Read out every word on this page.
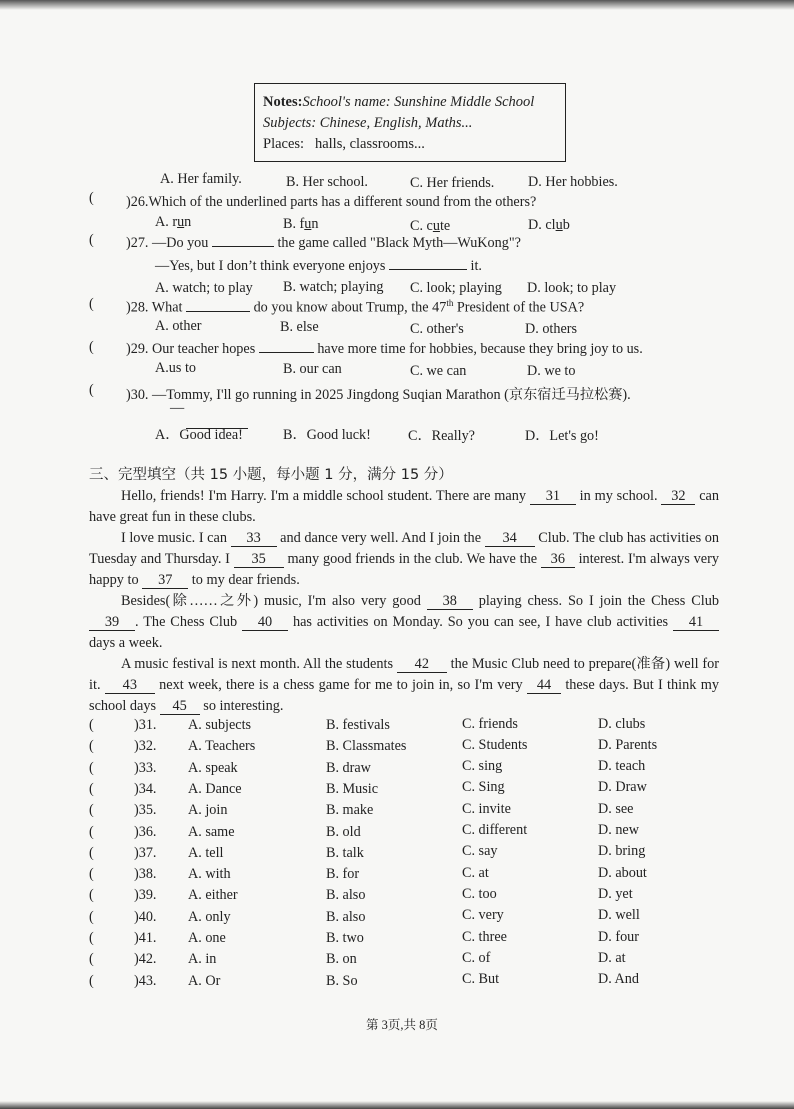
Notes:School's name: Sunshine Middle School
Subjects: Chinese, English, Maths...
Places: halls, classrooms...
A. Her family.	B. Her school.	C. Her friends. D. Her hobbies.
( )26.Which of the underlined parts has a different sound from the others?
A. run	B. fun	C. cute	D. club
( )27. —Do you	the game called "Black Myth—WuKong"?
—Yes, but I don’t think everyone enjoys	it.
A. watch; to play B. watch; playing C. look; playing D. look; to play
( )28. What	do you know about Trump, the 47th President of the USA?
A. other	B. else	C. other's	D. others
( )29. Our teacher hopes	have more time for hobbies, because they bring joy to us.
A.us to	B. our can	C. we can	D. we to
( )30. —Tommy, I'll go running in 2025 Jingdong Suqian Marathon (京东宿迁马拉松赛).
—

A．Good idea!	B．Good luck!	C．Really?	D．Let's go!
三、完型填空（共 15 小题，每小题 1 分，满分 15 分）
Hello, friends! I'm Harry. I'm a middle school student. There are many 31 in my school. 32 can have great fun in these clubs.
I love music. I can 33 and dance very well. And I join the 34 Club. The club has activities on Tuesday and Thursday. I 35 many good friends in the club. We have the 36 interest. I'm always very happy to 37 to my dear friends.
Besides(除……之外) music, I'm also very good 38 playing chess. So I join the Chess Club 39 . The Chess Club 40 has activities on Monday. So you can see, I have club activities 41 days a week.
A music festival is next month. All the students 42 the Music Club need to prepare(准备) well for it. 43 next week, there is a chess game for me to join in, so I'm very 44 these days. But I think my school days 45 so interesting.
(	)31. A. subjects	B. festivals	C. friends	D. clubs
(	)32. A. Teachers	B. Classmates	C. Students	D. Parents
(	)33. A. speak	B. draw	C. sing	D. teach
(	)34. A. Dance	B. Music	C. Sing	D. Draw
(	)35. A. join	B. make	C. invite	D. see
(	)36. A. same	B. old	C. different	D. new
(	)37. A. tell	B. talk	C. say	D. bring
(	)38. A. with	B. for	C. at	D. about
(	)39. A. either	B. also	C. too	D. yet
(	)40. A. only	B. also	C. very	D. well
(	)41. A. one	B. two	C. three	D. four
(	)42. A. in	B. on	C. of	D. at
(	)43. A. Or	B. So	C. But	D. And
第 3页,共 8页
